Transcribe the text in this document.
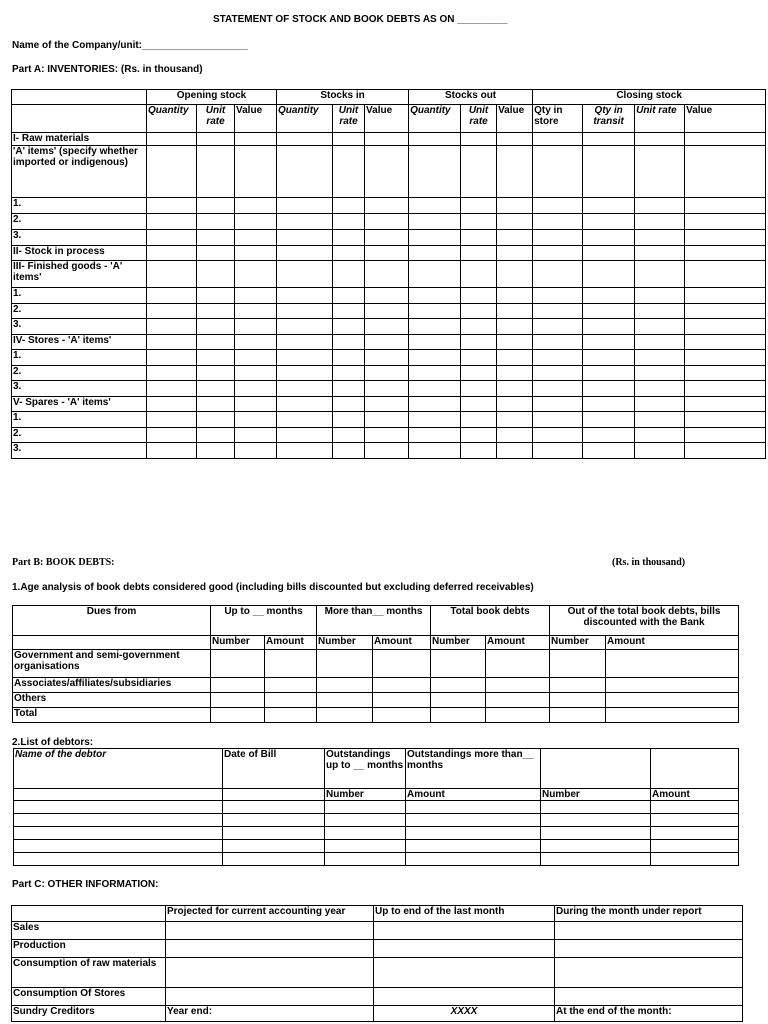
STATEMENT OF STOCK AND BOOK DEBTS AS ON _________
Name of the Company/unit:___________________
Part A: INVENTORIES: (Rs. in thousand)
	Opening stock			Stocks in			Stocks out			Closing stock			
	Quantity	Unit rate	Value	Quantity	Unit rate	Value	Quantity	Unit rate	Value	Qty in store	Qty in transit	Unit rate	Value
I- Raw materials													
'A' items' (specify whether imported or indigenous)													
1.													
2.													
3.													
II- Stock in process													
III- Finished goods - 'A' items'													
1.													
2.													
3.													
IV- Stores - 'A' items'													
1.													
2.													
3.													
V- Spares - 'A' items'													
1.													
2.													
3.													
Part B: BOOK DEBTS:	(Rs. in thousand)
1.Age analysis of book debts considered good (including bills discounted but excluding deferred receivables)
Dues from	Up to __ months		More than__ months		Total book debts		Out of the total book debts, bills discounted with the Bank	
	Number	Amount	Number	Amount	Number	Amount	Number	Amount
Government and semi-government organisations								
Associates/affiliates/subsidiaries								
Others								
Total								
2.List of debtors:
Name of the debtor	Date of Bill	Outstandings up to __ months	Outstandings more than__ months		
		Number	Amount	Number	Amount

Part C: OTHER INFORMATION:
	Projected for current accounting year	Up to end of the last month	During the month under report
Sales			
Production			
Consumption of raw materials			
Consumption Of Stores			
Sundry Creditors	Year end:	XXXX	At the end of the month:
